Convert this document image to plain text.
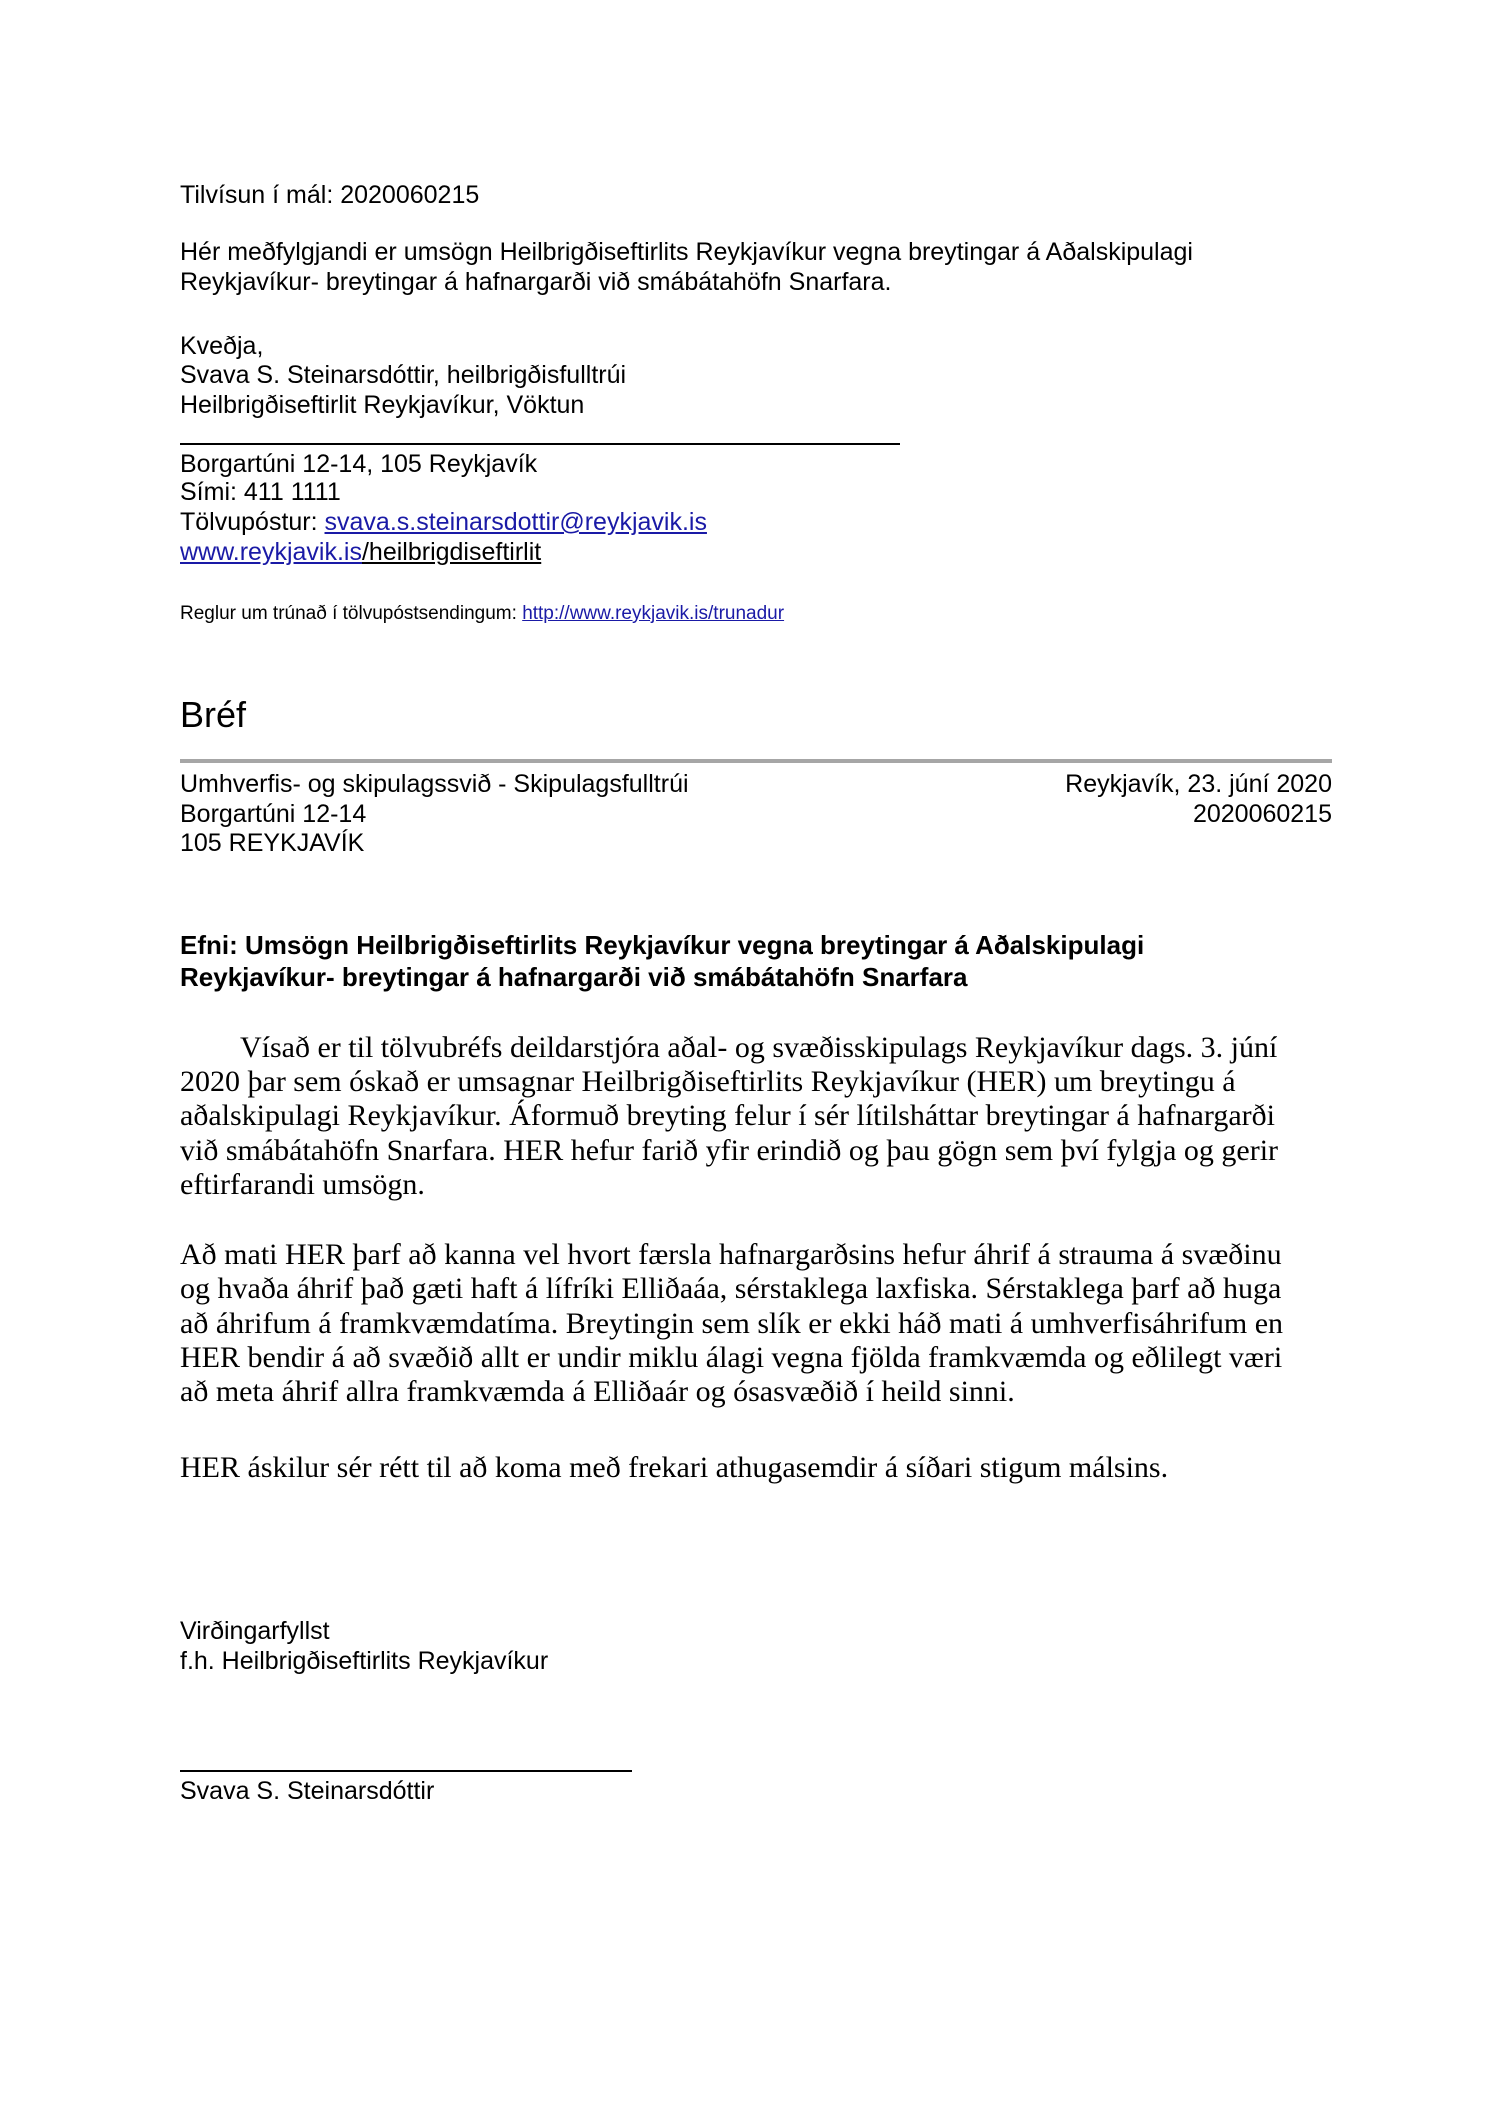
Tilvísun í mál: 2020060215
Hér meðfylgjandi er umsögn Heilbrigðiseftirlits Reykjavíkur vegna breytingar á Aðalskipulagi
Reykjavíkur- breytingar á hafnargarði við smábátahöfn Snarfara.
Kveðja,
Svava S. Steinarsdóttir, heilbrigðisfulltrúi
Heilbrigðiseftirlit Reykjavíkur, Vöktun
Borgartúni 12-14, 105 Reykjavík
Sími: 411 1111
Tölvupóstur: svava.s.steinarsdottir@reykjavik.is
www.reykjavik.is/heilbrigdiseftirlit
Reglur um trúnað í tölvupóstsendingum: http://www.reykjavik.is/trunadur
Bréf
Umhverfis- og skipulagssvið - Skipulagsfulltrúi
Borgartúni 12-14
105 REYKJAVÍK
Reykjavík, 23. júní 2020
2020060215
Efni: Umsögn Heilbrigðiseftirlits Reykjavíkur vegna breytingar á Aðalskipulagi
Reykjavíkur- breytingar á hafnargarði við smábátahöfn Snarfara
Vísað er til tölvubréfs deildarstjóra aðal- og svæðisskipulags Reykjavíkur dags. 3. júní
2020 þar sem óskað er umsagnar Heilbrigðiseftirlits Reykjavíkur (HER) um breytingu á
aðalskipulagi Reykjavíkur. Áformuð breyting felur í sér lítilsháttar breytingar á hafnargarði
við smábátahöfn Snarfara. HER hefur farið yfir erindið og þau gögn sem því fylgja og gerir
eftirfarandi umsögn.
Að mati HER þarf að kanna vel hvort færsla hafnargarðsins hefur áhrif á strauma á svæðinu
og hvaða áhrif það gæti haft á lífríki Elliðaáa, sérstaklega laxfiska. Sérstaklega þarf að huga
að áhrifum á framkvæmdatíma. Breytingin sem slík er ekki háð mati á umhverfisáhrifum en
HER bendir á að svæðið allt er undir miklu álagi vegna fjölda framkvæmda og eðlilegt væri
að meta áhrif allra framkvæmda á Elliðaár og ósasvæðið í heild sinni.
HER áskilur sér rétt til að koma með frekari athugasemdir á síðari stigum málsins.
Virðingarfyllst
f.h. Heilbrigðiseftirlits Reykjavíkur
Svava S. Steinarsdóttir
